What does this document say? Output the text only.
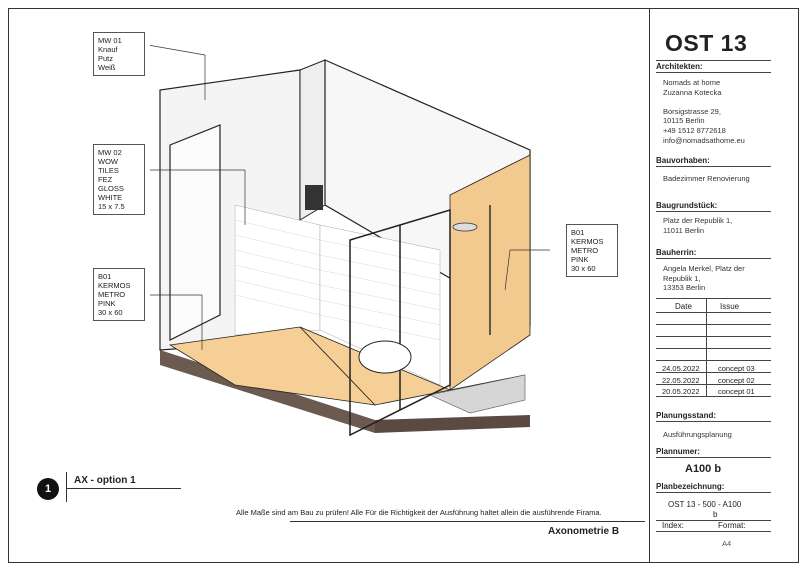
MW 01
Knauf
Putz
Weiß
MW 02
WOW TILES
FEZ GLOSS
WHITE
15 x 7.5
B01
KERMOS
METRO
PINK
30 x 60
B01
KERMOS
METRO
PINK
30 x 60
1
AX - option 1
Alle Maße sind am Bau zu prüfen! Alle Für die Richtigkeit der Ausführung haltet allein die ausführende Firama.
Axonometrie B
OST 13
Architekten:
Nomads at home
Zuzanna Kotecka
Borsigstrasse 29,
10115 Berlin
+49 1512 8772618
info@nomadsathome.eu
Bauvorhaben:
Badezimmer Renovierung
Baugrundstück:
Platz der Republik 1,
11011 Berlin
Bauherrin:
Angela Merkel, Platz der
Republik 1,
13353 Berlin
Date	Issue
24.05.2022 concept 03
22.05.2022 concept 02
20.05.2022 concept 01
Planungsstand:
Ausführungsplanung
Plannumer:
A100 b
Planbezeichnung:
OST 13 - 500 - A100
b
Index:	Format:
A4
